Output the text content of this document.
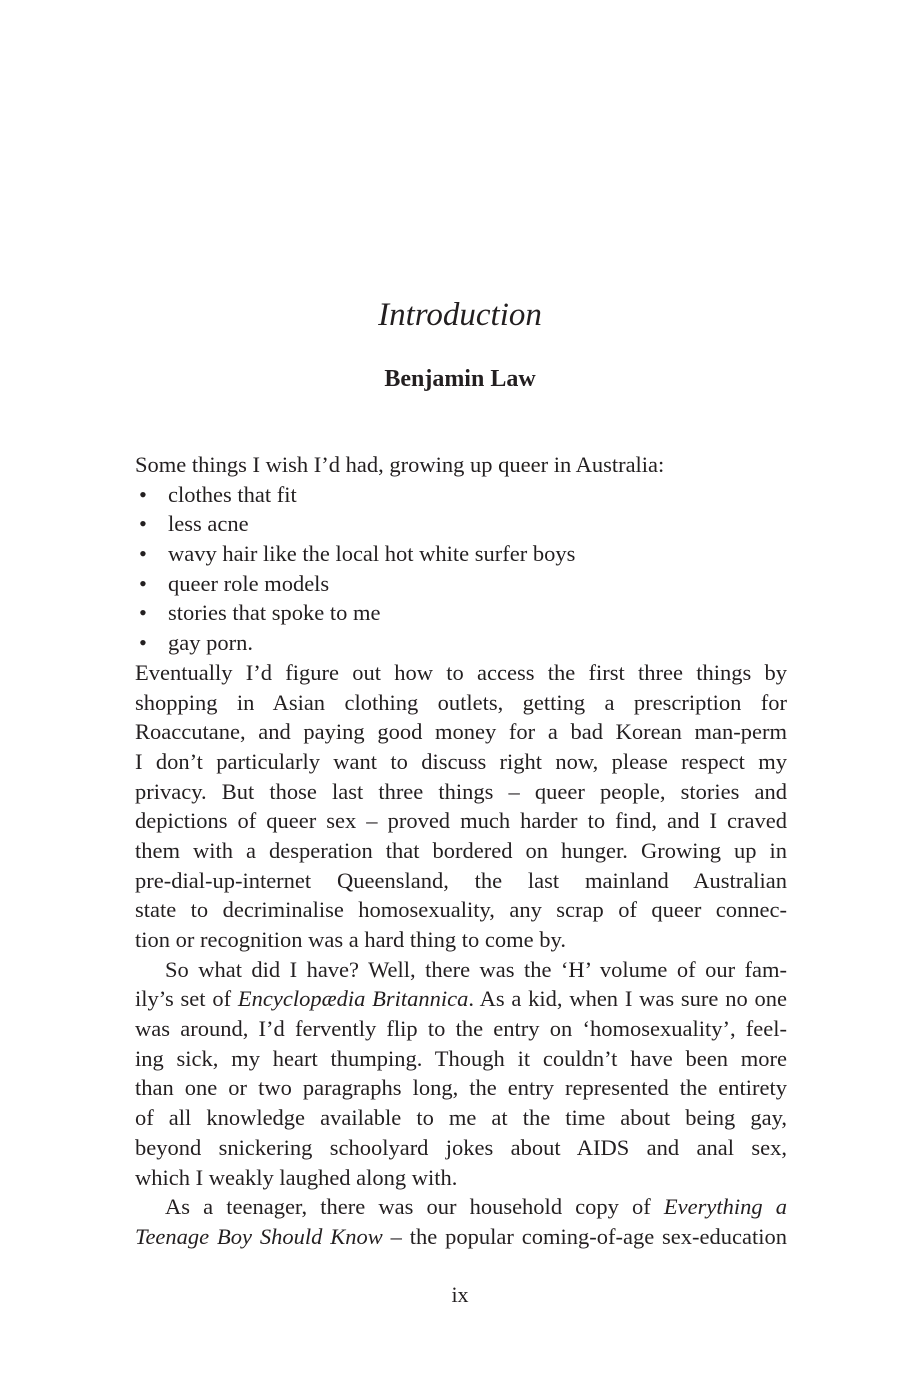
Introduction
Benjamin Law
Some things I wish I’d had, growing up queer in Australia:
• clothes that fit
• less acne
• wavy hair like the local hot white surfer boys
• queer role models
• stories that spoke to me
• gay porn.
Eventually I’d figure out how to access the first three things by
shopping in Asian clothing outlets, getting a prescription for
Roaccutane, and paying good money for a bad Korean man-perm
I don’t particularly want to discuss right now, please respect my
privacy. But those last three things – queer people, stories and
depictions of queer sex – proved much harder to find, and I craved
them with a desperation that bordered on hunger. Growing up in
pre-dial-up-internet Queensland, the last mainland Australian
state to decriminalise homosexuality, any scrap of queer connec-
tion or recognition was a hard thing to come by.
So what did I have? Well, there was the ‘H’ volume of our fam-
ily’s set of Encyclopædia Britannica. As a kid, when I was sure no one
was around, I’d fervently flip to the entry on ‘homosexuality’, feel-
ing sick, my heart thumping. Though it couldn’t have been more
than one or two paragraphs long, the entry represented the entirety
of all knowledge available to me at the time about being gay,
beyond snickering schoolyard jokes about AIDS and anal sex,
which I weakly laughed along with.
As a teenager, there was our household copy of Everything a
Teenage Boy Should Know – the popular coming-of-age sex-education
ix
